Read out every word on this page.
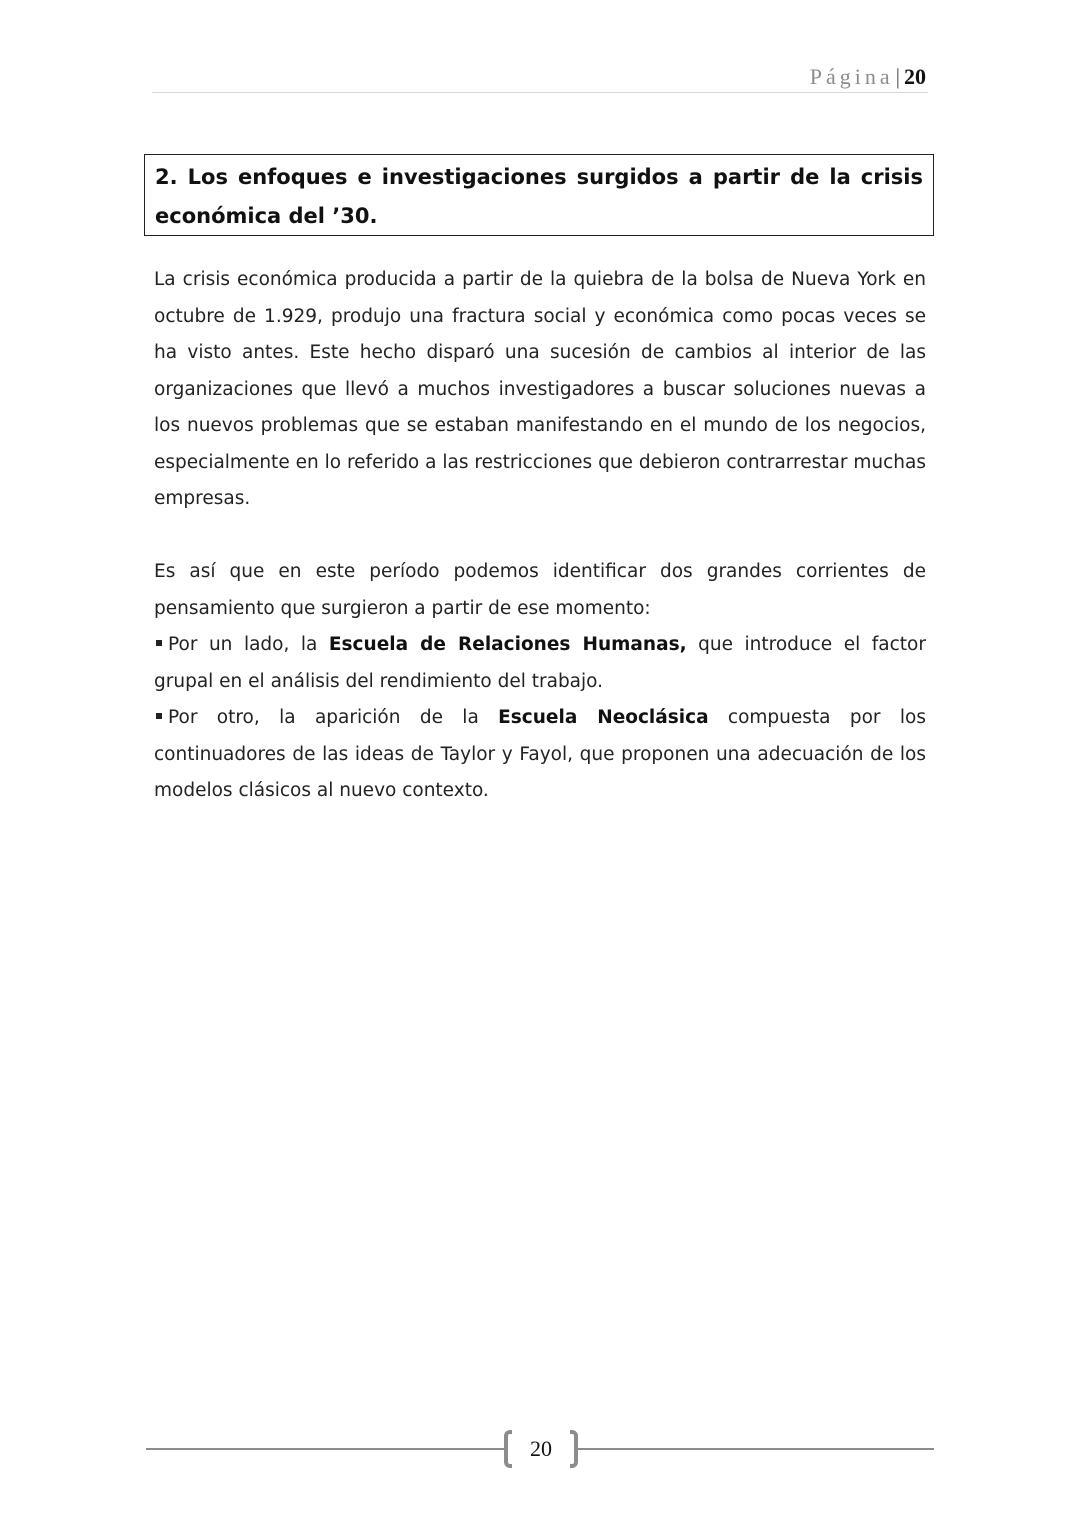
Página| 20
2. Los enfoques e investigaciones surgidos a partir de la crisis económica del ’30.

La crisis económica producida a partir de la quiebra de la bolsa de Nueva York en octubre de 1.929, produjo una fractura social y económica como pocas veces se ha visto antes. Este hecho disparó una sucesión de cambios al interior de las organizaciones que llevó a muchos investigadores a buscar soluciones nuevas a los nuevos problemas que se estaban manifestando en el mundo de los negocios, especialmente en lo referido a las restricciones que debieron contrarrestar muchas empresas.

Es así que en este período podemos identificar dos grandes corrientes de pensamiento que surgieron a partir de ese momento:

Por un lado, la Escuela de Relaciones Humanas, que introduce el factor grupal en el análisis del rendimiento del trabajo.

Por otro, la aparición de la Escuela Neoclásica compuesta por los continuadores de las ideas de Taylor y Fayol, que proponen una adecuación de los modelos clásicos al nuevo contexto.

20
